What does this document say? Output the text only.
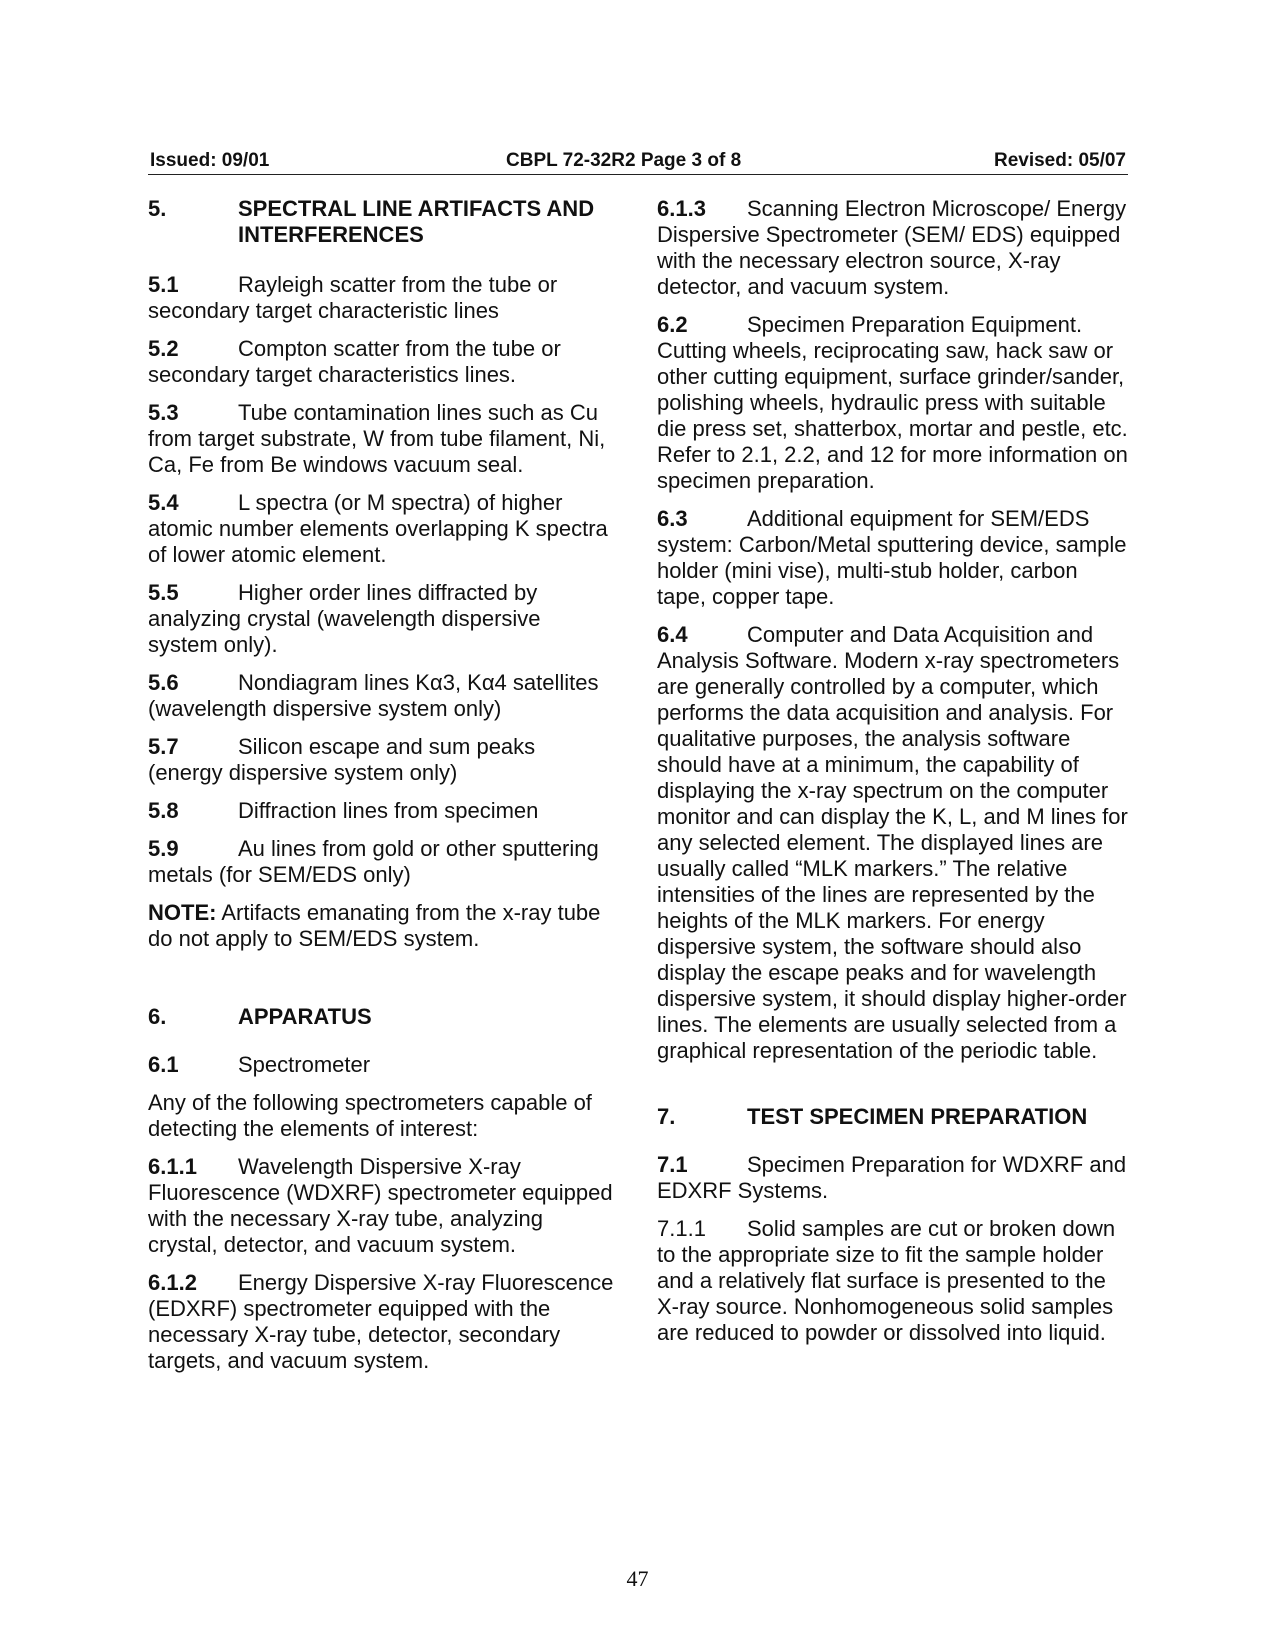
Issued: 09/01	CBPL 72-32R2 Page 3 of 8	Revised: 05/07
5.	SPECTRAL LINE ARTIFACTS AND INTERFERENCES

5.1	Rayleigh scatter from the tube or secondary target characteristic lines

5.2	Compton scatter from the tube or secondary target characteristics lines.

5.3	Tube contamination lines such as Cu from target substrate, W from tube filament, Ni, Ca, Fe from Be windows vacuum seal.

5.4	L spectra (or M spectra) of higher atomic number elements overlapping K spectra of lower atomic element.

5.5	Higher order lines diffracted by analyzing crystal (wavelength dispersive system only).

5.6	Nondiagram lines Kα3, Kα4 satellites (wavelength dispersive system only)

5.7	Silicon escape and sum peaks (energy dispersive system only)

5.8	Diffraction lines from specimen

5.9	Au lines from gold or other sputtering metals (for SEM/EDS only)

NOTE: Artifacts emanating from the x-ray tube do not apply to SEM/EDS system.

6.	APPARATUS

6.1	Spectrometer

Any of the following spectrometers capable of detecting the elements of interest:

6.1.1 Wavelength Dispersive X-ray Fluorescence (WDXRF) spectrometer equipped with the necessary X-ray tube, analyzing crystal, detector, and vacuum system.

6.1.2 Energy Dispersive X-ray Fluorescence (EDXRF) spectrometer equipped with the necessary X-ray tube, detector, secondary targets, and vacuum system.

6.1.3 Scanning Electron Microscope/ Energy Dispersive Spectrometer (SEM/ EDS) equipped with the necessary electron source, X-ray detector, and vacuum system.

6.2	Specimen Preparation Equipment. Cutting wheels, reciprocating saw, hack saw or other cutting equipment, surface grinder/sander, polishing wheels, hydraulic press with suitable die press set, shatterbox, mortar and pestle, etc. Refer to 2.1, 2.2, and 12 for more information on specimen preparation.

6.3	Additional equipment for SEM/EDS system: Carbon/Metal sputtering device, sample holder (mini vise), multi-stub holder, carbon tape, copper tape.

6.4	Computer and Data Acquisition and Analysis Software. Modern x-ray spectrometers are generally controlled by a computer, which performs the data acquisition and analysis. For qualitative purposes, the analysis software should have at a minimum, the capability of displaying the x-ray spectrum on the computer monitor and can display the K, L, and M lines for any selected element. The displayed lines are usually called “MLK markers.” The relative intensities of the lines are represented by the heights of the MLK markers. For energy dispersive system, the software should also display the escape peaks and for wavelength dispersive system, it should display higher-order lines. The elements are usually selected from a graphical representation of the periodic table.

7.	TEST SPECIMEN PREPARATION

7.1	Specimen Preparation for WDXRF and EDXRF Systems.

7.1.1 Solid samples are cut or broken down to the appropriate size to fit the sample holder and a relatively flat surface is presented to the X-ray source. Nonhomogeneous solid samples are reduced to powder or dissolved into liquid.

47
